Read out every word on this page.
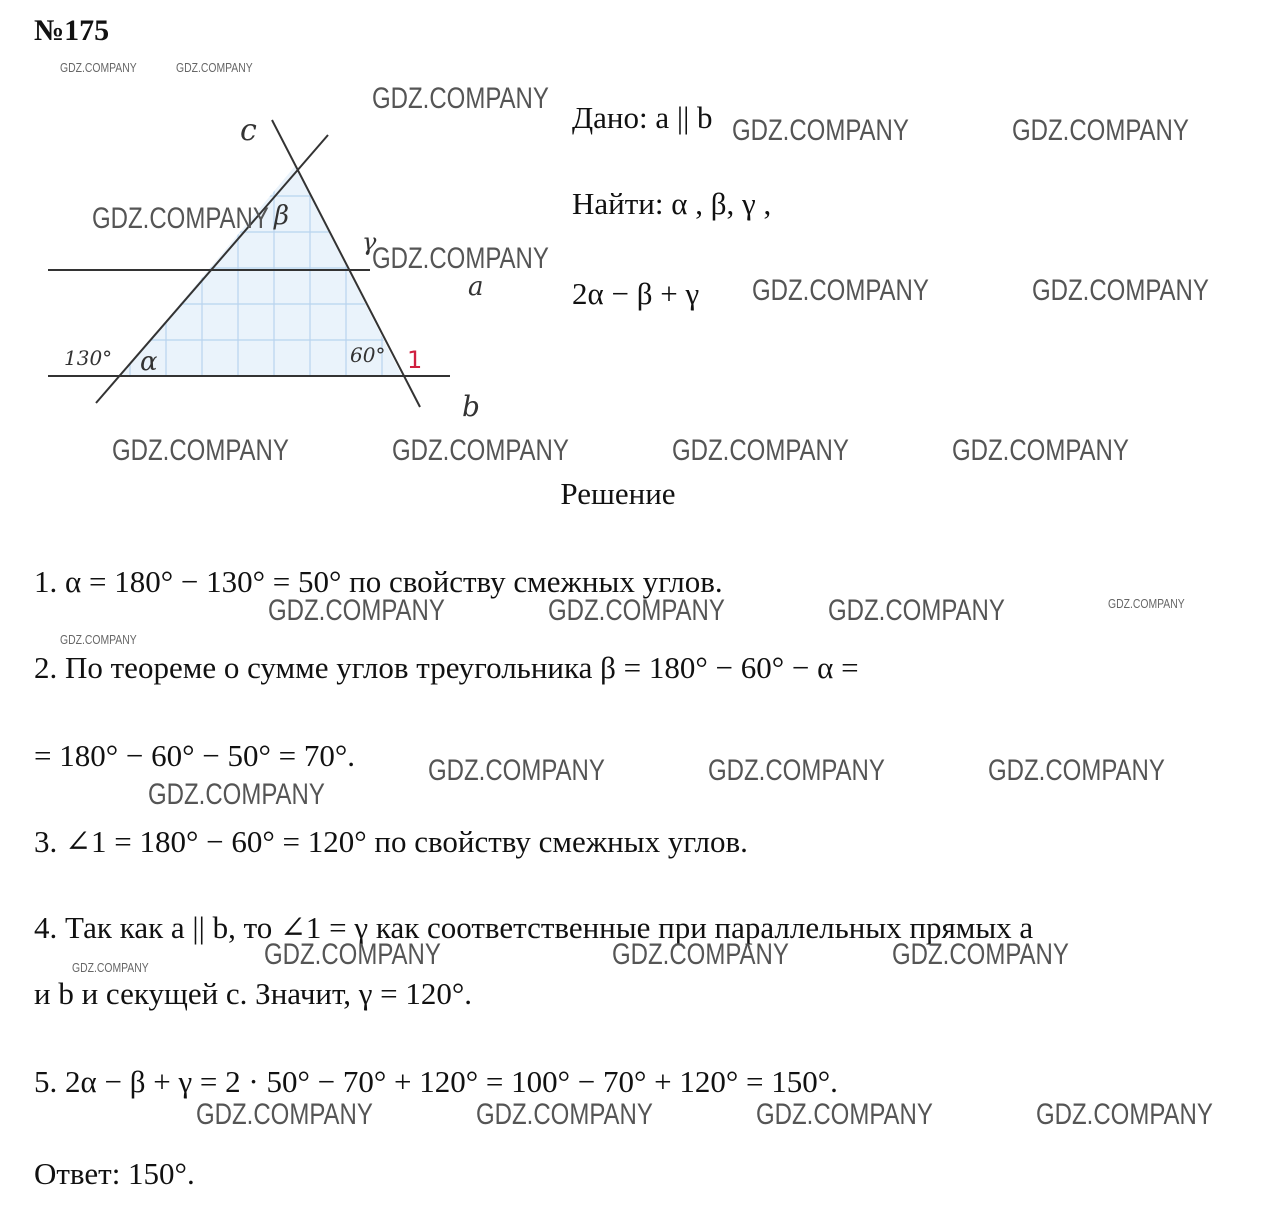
№175
GDZ.COMPANY	GDZ.COMPANY
c
a
b
130° α	60°
β
γ
1
GDZ.COMPANY
GDZ.COMPANY
GDZ.COMPANY
Дано: a || b GDZ.COMPANY	GDZ.COMPANY
Найти: α , β, γ ,
2α − β + γ GDZ.COMPANY	GDZ.COMPANY
GDZ.COMPANY	GDZ.COMPANY	GDZ.COMPANY	GDZ.COMPANY
Решение
1. α = 180° − 130° = 50° по свойству смежных углов.
GDZ.COMPANY	GDZ.COMPANY	GDZ.COMPANY	GDZ.COMPANY
GDZ.COMPANY
2. По теореме о сумме углов треугольника β = 180° − 60° − α =
= 180° − 60° − 50° = 70°. GDZ.COMPANY	GDZ.COMPANY	GDZ.COMPANY
GDZ.COMPANY
3. ∠1 = 180° − 60° = 120° по свойству смежных углов.
4. Так как a || b, то ∠1 = γ как соответственные при параллельных прямых a
GDZ.COMPANY	GDZ.COMPANY	GDZ.COMPANY
GDZ.COMPANY
и b и секущей c. Значит, γ = 120°.
5. 2α − β + γ = 2 · 50° − 70° + 120° = 100° − 70° + 120° = 150°.
GDZ.COMPANY	GDZ.COMPANY	GDZ.COMPANY	GDZ.COMPANY
Ответ: 150°.
